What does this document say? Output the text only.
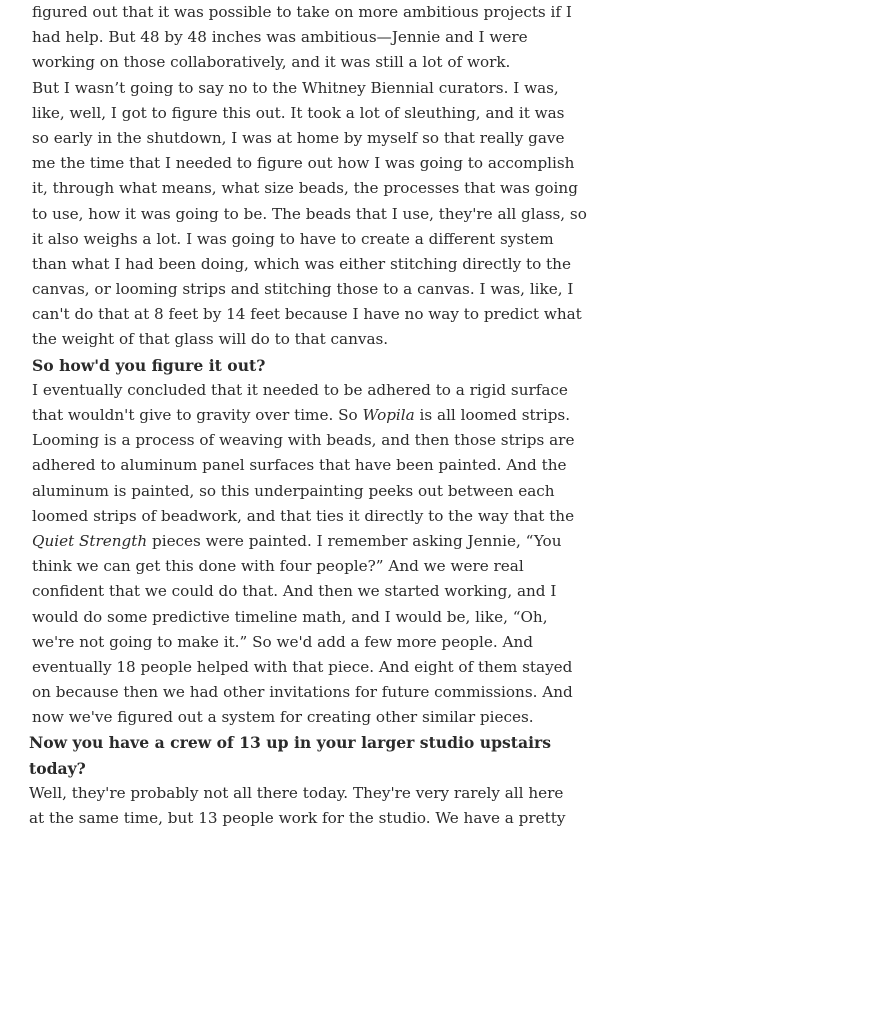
figured out that it was possible to take on more ambitious projects if I
had help. But 48 by 48 inches was ambitious—Jennie and I were
working on those collaboratively, and it was still a lot of work.

But I wasn’t going to say no to the Whitney Biennial curators. I was,
like, well, I got to figure this out. It took a lot of sleuthing, and it was
so early in the shutdown, I was at home by myself so that really gave
me the time that I needed to figure out how I was going to accomplish
it, through what means, what size beads, the processes that was going
to use, how it was going to be. The beads that I use, they're all glass, so
it also weighs a lot. I was going to have to create a different system
than what I had been doing, which was either stitching directly to the
canvas, or looming strips and stitching those to a canvas. I was, like, I
can't do that at 8 feet by 14 feet because I have no way to predict what
the weight of that glass will do to that canvas.

So how'd you figure it out?

I eventually concluded that it needed to be adhered to a rigid surface
that wouldn't give to gravity over time. So Wopila is all loomed strips.
Looming is a process of weaving with beads, and then those strips are
adhered to aluminum panel surfaces that have been painted. And the
aluminum is painted, so this underpainting peeks out between each
loomed strips of beadwork, and that ties it directly to the way that the
Quiet Strength pieces were painted. I remember asking Jennie, “You
think we can get this done with four people?” And we were real
confident that we could do that. And then we started working, and I
would do some predictive timeline math, and I would be, like, “Oh,
we're not going to make it.” So we'd add a few more people. And
eventually 18 people helped with that piece. And eight of them stayed
on because then we had other invitations for future commissions. And
now we've figured out a system for creating other similar pieces.

Now you have a crew of 13 up in your larger studio upstairs
today?

Well, they're probably not all there today. They're very rarely all here
at the same time, but 13 people work for the studio. We have a pretty
